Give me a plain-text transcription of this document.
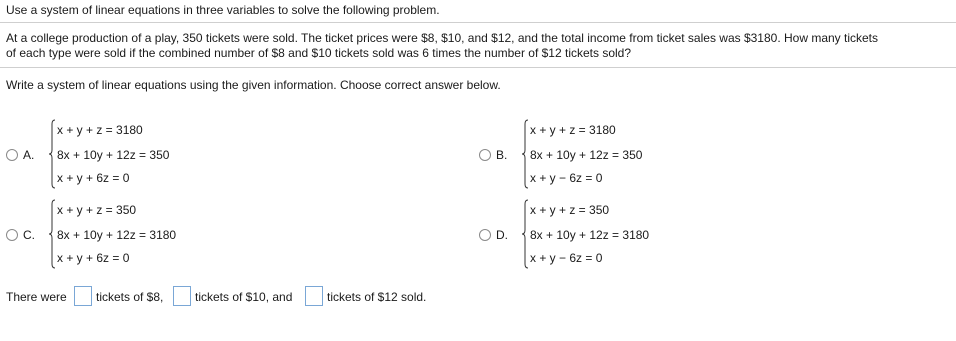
Use a system of linear equations in three variables to solve the following problem.
At a college production of a play, 350 tickets were sold. The ticket prices were $8, $10, and $12, and the total income from ticket sales was $3180. How many tickets
of each type were sold if the combined number of $8 and $10 tickets sold was 6 times the number of $12 tickets sold?
Write a system of linear equations using the given information. Choose correct answer below.
A.
x + y + z = 3180
8x + 10y + 12z = 350
x + y + 6z = 0
B.
x + y + z = 3180
8x + 10y + 12z = 350
x + y − 6z = 0
C.
x + y + z = 350
8x + 10y + 12z = 3180
x + y + 6z = 0
D.
x + y + z = 350
8x + 10y + 12z = 3180
x + y − 6z = 0
There were tickets of $8,	tickets of $10, and	tickets of $12 sold.
